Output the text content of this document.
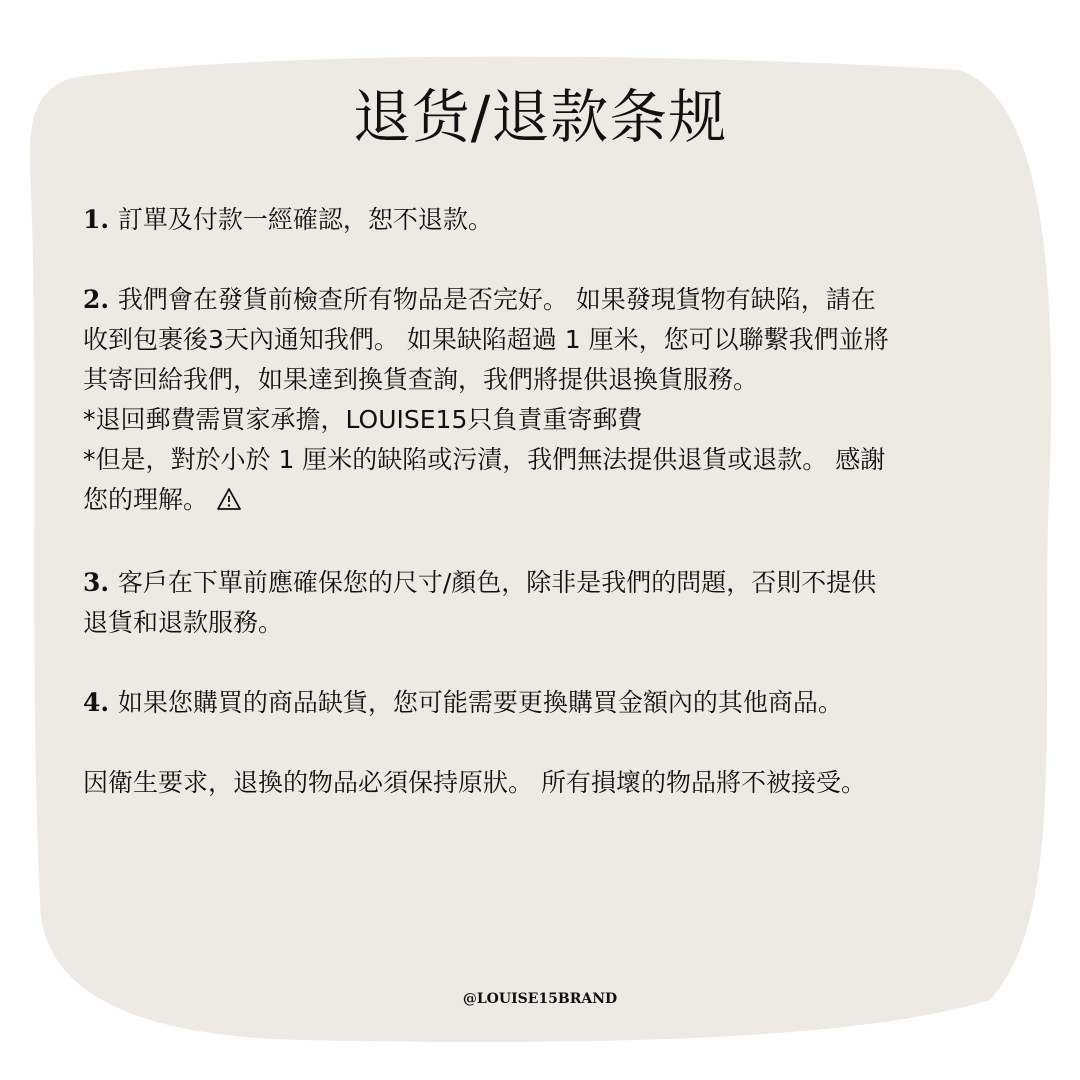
退货/退款条规
1. 訂單及付款一經確認，恕不退款。
2. 我們會在發貨前檢查所有物品是否完好。 如果發現貨物有缺陷，請在
收到包裹後3天內通知我們。 如果缺陷超過 1 厘米，您可以聯繫我們並將
其寄回給我們，如果達到換貨查詢，我們將提供退換貨服務。
*退回郵費需買家承擔，LOUISE15只負責重寄郵費
*但是，對於小於 1 厘米的缺陷或污漬，我們無法提供退貨或退款。 感謝
您的理解。
3. 客戶在下單前應確保您的尺寸/顏色，除非是我們的問題，否則不提供
退貨和退款服務。
4. 如果您購買的商品缺貨，您可能需要更換購買金額內的其他商品。
因衛生要求，退換的物品必須保持原狀。 所有損壞的物品將不被接受。
@LOUISE15BRAND
